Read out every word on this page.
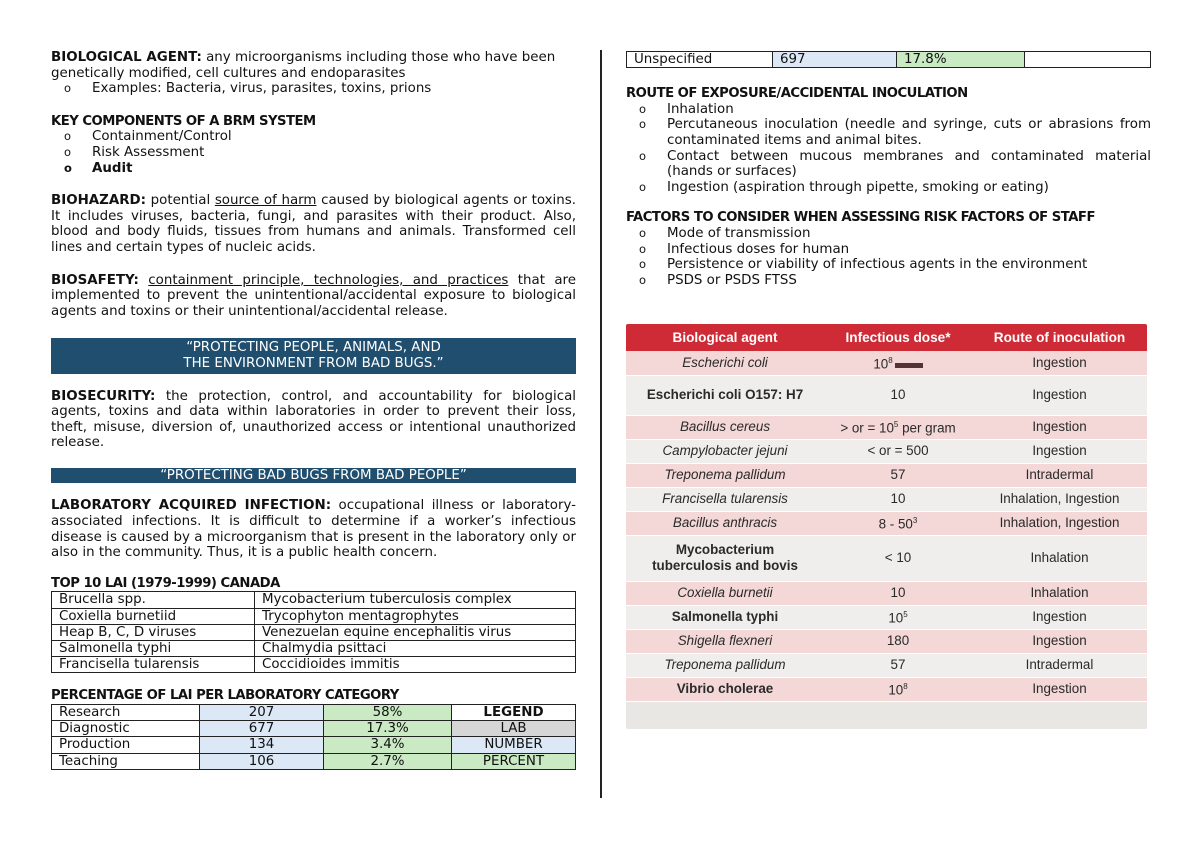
BIOLOGICAL AGENT: any microorganisms including those who have been genetically modified, cell cultures and endoparasites

o Examples: Bacteria, virus, parasites, toxins, prions

KEY COMPONENTS OF A BRM SYSTEM

o Containment/Control
o Risk Assessment
o Audit

BIOHAZARD: potential source of harm caused by biological agents or toxins. It includes viruses, bacteria, fungi, and parasites with their product. Also, blood and body fluids, tissues from humans and animals. Transformed cell lines and certain types of nucleic acids.

BIOSAFETY: containment principle, technologies, and practices that are implemented to prevent the unintentional/accidental exposure to biological agents and toxins or their unintentional/accidental release.

“PROTECTING PEOPLE, ANIMALS, AND THE ENVIRONMENT FROM BAD BUGS.”

BIOSECURITY: the protection, control, and accountability for biological agents, toxins and data within laboratories in order to prevent their loss, theft, misuse, diversion of, unauthorized access or intentional unauthorized release.

“PROTECTING BAD BUGS FROM BAD PEOPLE”

LABORATORY ACQUIRED INFECTION: occupational illness or laboratory-associated infections. It is difficult to determine if a worker’s infectious disease is caused by a microorganism that is present in the laboratory only or also in the community. Thus, it is a public health concern.

TOP 10 LAI (1979-1999) CANADA

Brucella spp.	Mycobacterium tuberculosis complex
Coxiella burnetiid	Trycophyton mentagrophytes
Heap B, C, D viruses	Venezuelan equine encephalitis virus
Salmonella typhi	Chalmydia psittaci
Francisella tularensis	Coccidioides immitis

PERCENTAGE OF LAI PER LABORATORY CATEGORY

Research	207	58%	LEGEND
Diagnostic	677	17.3%	LAB
Production	134	3.4%	NUMBER
Teaching	106	2.7%	PERCENT
Unspecified	697	17.8%	

ROUTE OF EXPOSURE/ACCIDENTAL INOCULATION

o Inhalation
o Percutaneous inoculation (needle and syringe, cuts or abrasions from contaminated items and animal bites.
o Contact between mucous membranes and contaminated material (hands or surfaces)
o Ingestion (aspiration through pipette, smoking or eating)

FACTORS TO CONSIDER WHEN ASSESSING RISK FACTORS OF STAFF

o Mode of transmission
o Infectious doses for human
o Persistence or viability of infectious agents in the environment
o PSDS or PSDS FTSS
Biological agent	Infectious dose*	Route of inoculation
Escherichi coli	$10^8$	Ingestion
Escherichi coli O157: H7	10	Ingestion
Bacillus cereus	> or = $10^5$ per gram	Ingestion
Campylobacter jejuni	< or = 500	Ingestion
Treponema pallidum	57	Intradermal
Francisella tularensis	10	Inhalation, Ingestion
Bacillus anthracis	$8 - 50^3$	Inhalation, Ingestion
Mycobacterium tuberculosis and bovis	< 10	Inhalation
Coxiella burnetii	10	Inhalation
Salmonella typhi	$10^5$	Ingestion
Shigella flexneri	180	Ingestion
Treponema pallidum	57	Intradermal
Vibrio cholerae	$10^8$	Ingestion
